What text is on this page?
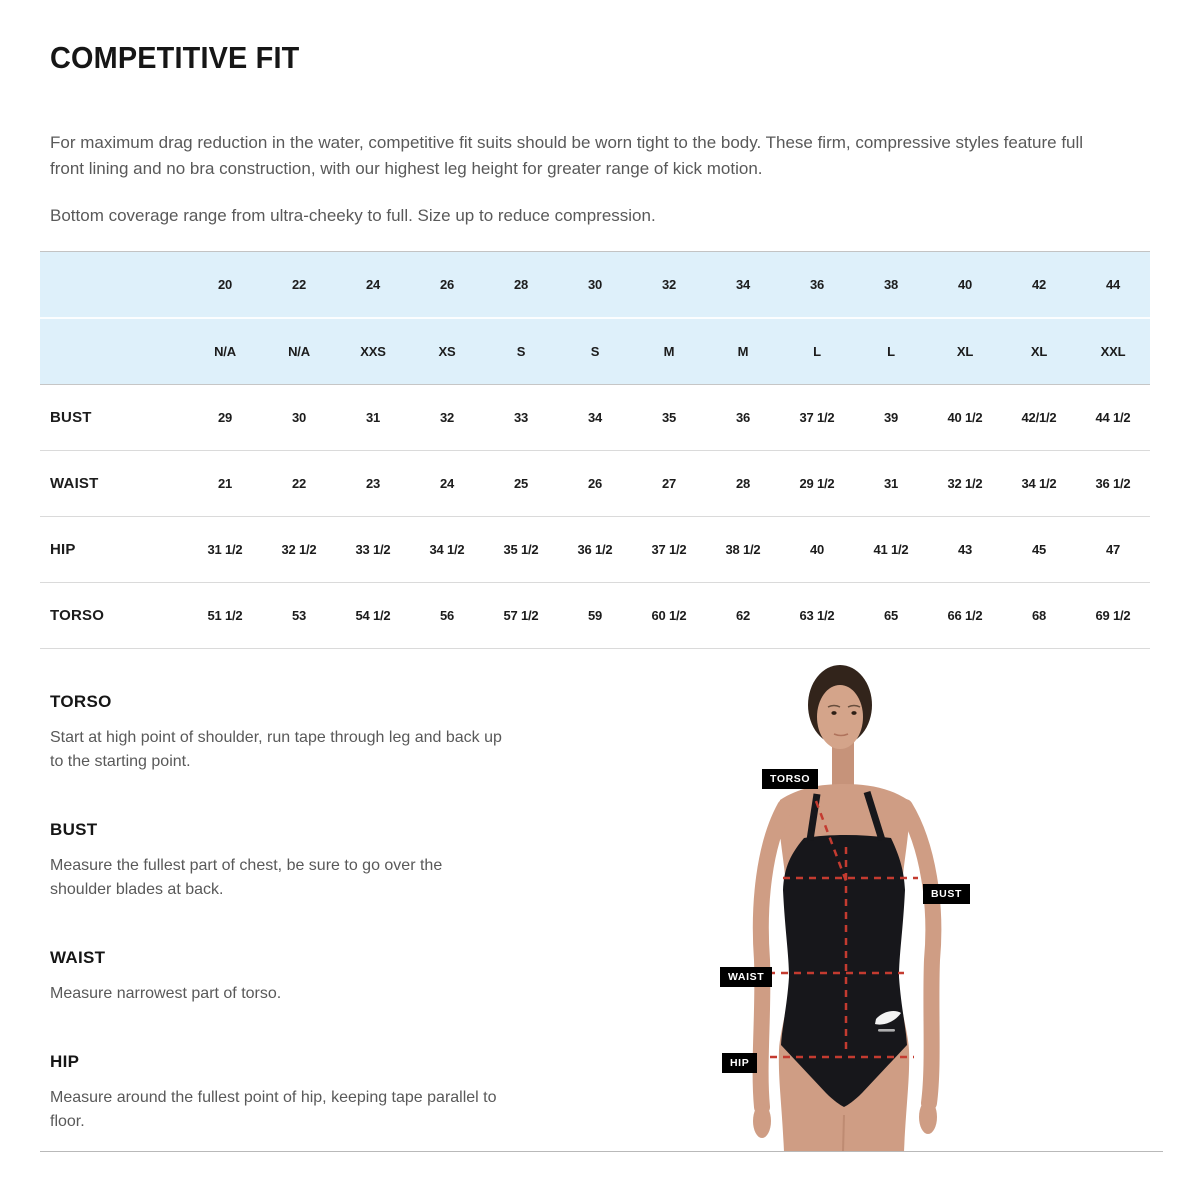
COMPETITIVE FIT

For maximum drag reduction in the water, competitive fit suits should be worn tight to the body. These firm, compressive styles feature full front lining and no bra construction, with our highest leg height for greater range of kick motion.

Bottom coverage range from ultra-cheeky to full. Size up to reduce compression.

20	22	24	26	28	30	32	34	36	38	40	42	44
N/A	N/A	XXS	XS	S	S	M	M	L	L	XL	XL	XXL
BUST	29	30	31	32	33	34	35	36	37 1/2	39	40 1/2	42/1/2	44 1/2
WAIST	21	22	23	24	25	26	27	28	29 1/2	31	32 1/2	34 1/2	36 1/2
HIP	31 1/2	32 1/2	33 1/2	34 1/2	35 1/2	36 1/2	37 1/2	38 1/2	40	41 1/2	43	45	47
TORSO	51 1/2	53	54 1/2	56	57 1/2	59	60 1/2	62	63 1/2	65	66 1/2	68	69 1/2
TORSO

Start at high point of shoulder, run tape through leg and back up to the starting point.

BUST

Measure the fullest part of chest, be sure to go over the shoulder blades at back.

WAIST

Measure narrowest part of torso.

HIP

Measure around the fullest point of hip, keeping tape parallel to floor.

TORSO
BUST
WAIST
HIP
